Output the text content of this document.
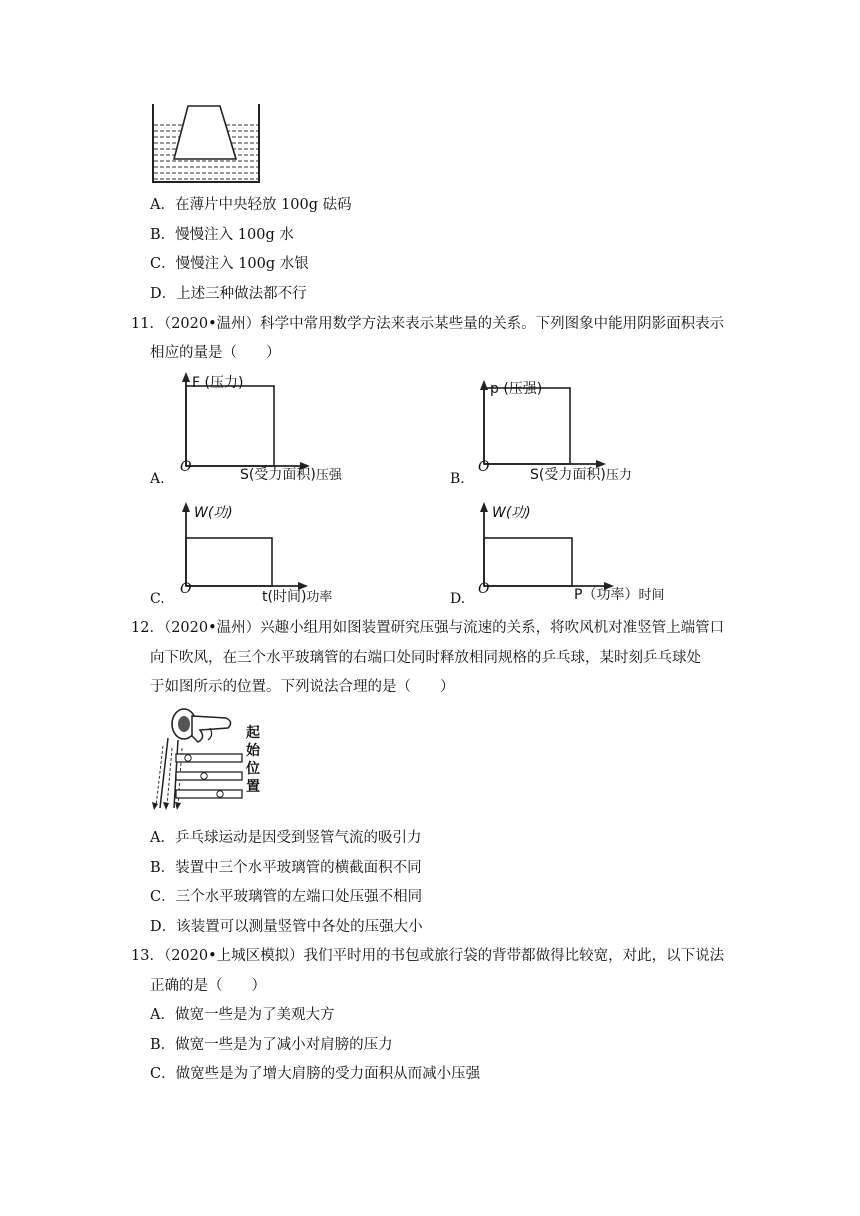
A．在薄片中央轻放 100g 砝码
B．慢慢注入 100g 水
C．慢慢注入 100g 水银
D．上述三种做法都不行
11．（2020•温州）科学中常用数学方法来表示某些量的关系。下列图象中能用阴影面积表示
相应的量是（　　）
A.
F (压力)
O	S(受力面积)压强	B.
p (压强)
O	S(受力面积)压力
C.
W(功)
O	t(时间)功率	D.
W(功)
O	P（功率）时间
12．（2020•温州）兴趣小组用如图装置研究压强与流速的关系，将吹风机对准竖管上端管口
向下吹风，在三个水平玻璃管的右端口处同时释放相同规格的乒乓球，某时刻乒乓球处
于如图所示的位置。下列说法合理的是（　　）
起
始
位
置
A．乒乓球运动是因受到竖管气流的吸引力
B．装置中三个水平玻璃管的横截面积不同
C．三个水平玻璃管的左端口处压强不相同
D．该装置可以测量竖管中各处的压强大小
13．（2020•上城区模拟）我们平时用的书包或旅行袋的背带都做得比较宽，对此，以下说法
正确的是（　　）
A．做宽一些是为了美观大方
B．做宽一些是为了减小对肩膀的压力
C．做宽些是为了增大肩膀的受力面积从而减小压强
